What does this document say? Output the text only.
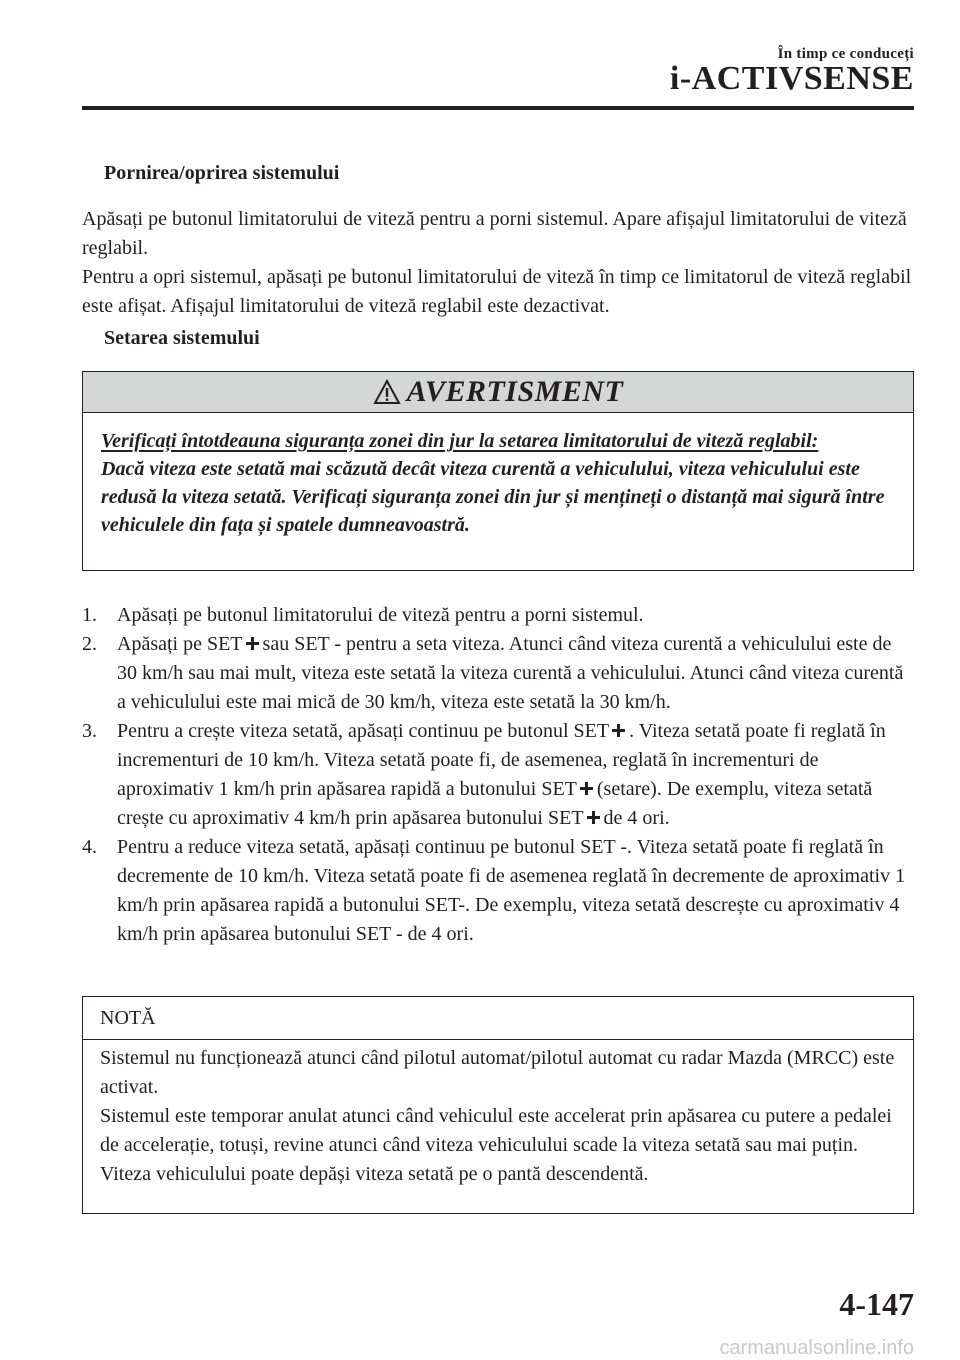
În timp ce conduceți
i-ACTIVSENSE
Pornirea/oprirea sistemului

Apăsați pe butonul limitatorului de viteză pentru a porni sistemul. Apare afișajul limitatorului de viteză reglabil.

Pentru a opri sistemul, apăsați pe butonul limitatorului de viteză în timp ce limitatorul de viteză reglabil este afișat. Afișajul limitatorului de viteză reglabil este dezactivat.

Setarea sistemului
AVERTISMENT
Verificați întotdeauna siguranța zonei din jur la setarea limitatorului de viteză reglabil:
Dacă viteza este setată mai scăzută decât viteza curentă a vehiculului, viteza vehiculului este redusă la viteza setată. Verificați siguranța zonei din jur și mențineți o distanță mai sigură între vehiculele din fața și spatele dumneavoastră.
1. Apăsați pe butonul limitatorului de viteză pentru a porni sistemul.
2. Apăsați pe SET sau SET - pentru a seta viteza. Atunci când viteza curentă a vehiculului este de 30 km/h sau mai mult, viteza este setată la viteza curentă a vehiculului. Atunci când viteza curentă a vehiculului este mai mică de 30 km/h, viteza este setată la 30 km/h.
3. Pentru a crește viteza setată, apăsați continuu pe butonul SET . Viteza setată poate fi reglată în incrementuri de 10 km/h. Viteza setată poate fi, de asemenea, reglată în incrementuri de aproximativ 1 km/h prin apăsarea rapidă a butonului SET (setare). De exemplu, viteza setată crește cu aproximativ 4 km/h prin apăsarea butonului SET de 4 ori.
4. Pentru a reduce viteza setată, apăsați continuu pe butonul SET -. Viteza setată poate fi reglată în decremente de 10 km/h. Viteza setată poate fi de asemenea reglată în decremente de aproximativ 1 km/h prin apăsarea rapidă a butonului SET-. De exemplu, viteza setată descrește cu aproximativ 4 km/h prin apăsarea butonului SET - de 4 ori.
NOTĂ
Sistemul nu funcționează atunci când pilotul automat/pilotul automat cu radar Mazda (MRCC) este activat.
Sistemul este temporar anulat atunci când vehiculul este accelerat prin apăsarea cu putere a pedalei de accelerație, totuși, revine atunci când viteza vehiculului scade la viteza setată sau mai puțin.
Viteza vehiculului poate depăși viteza setată pe o pantă descendentă.
4-147
carmanualsonline.info
